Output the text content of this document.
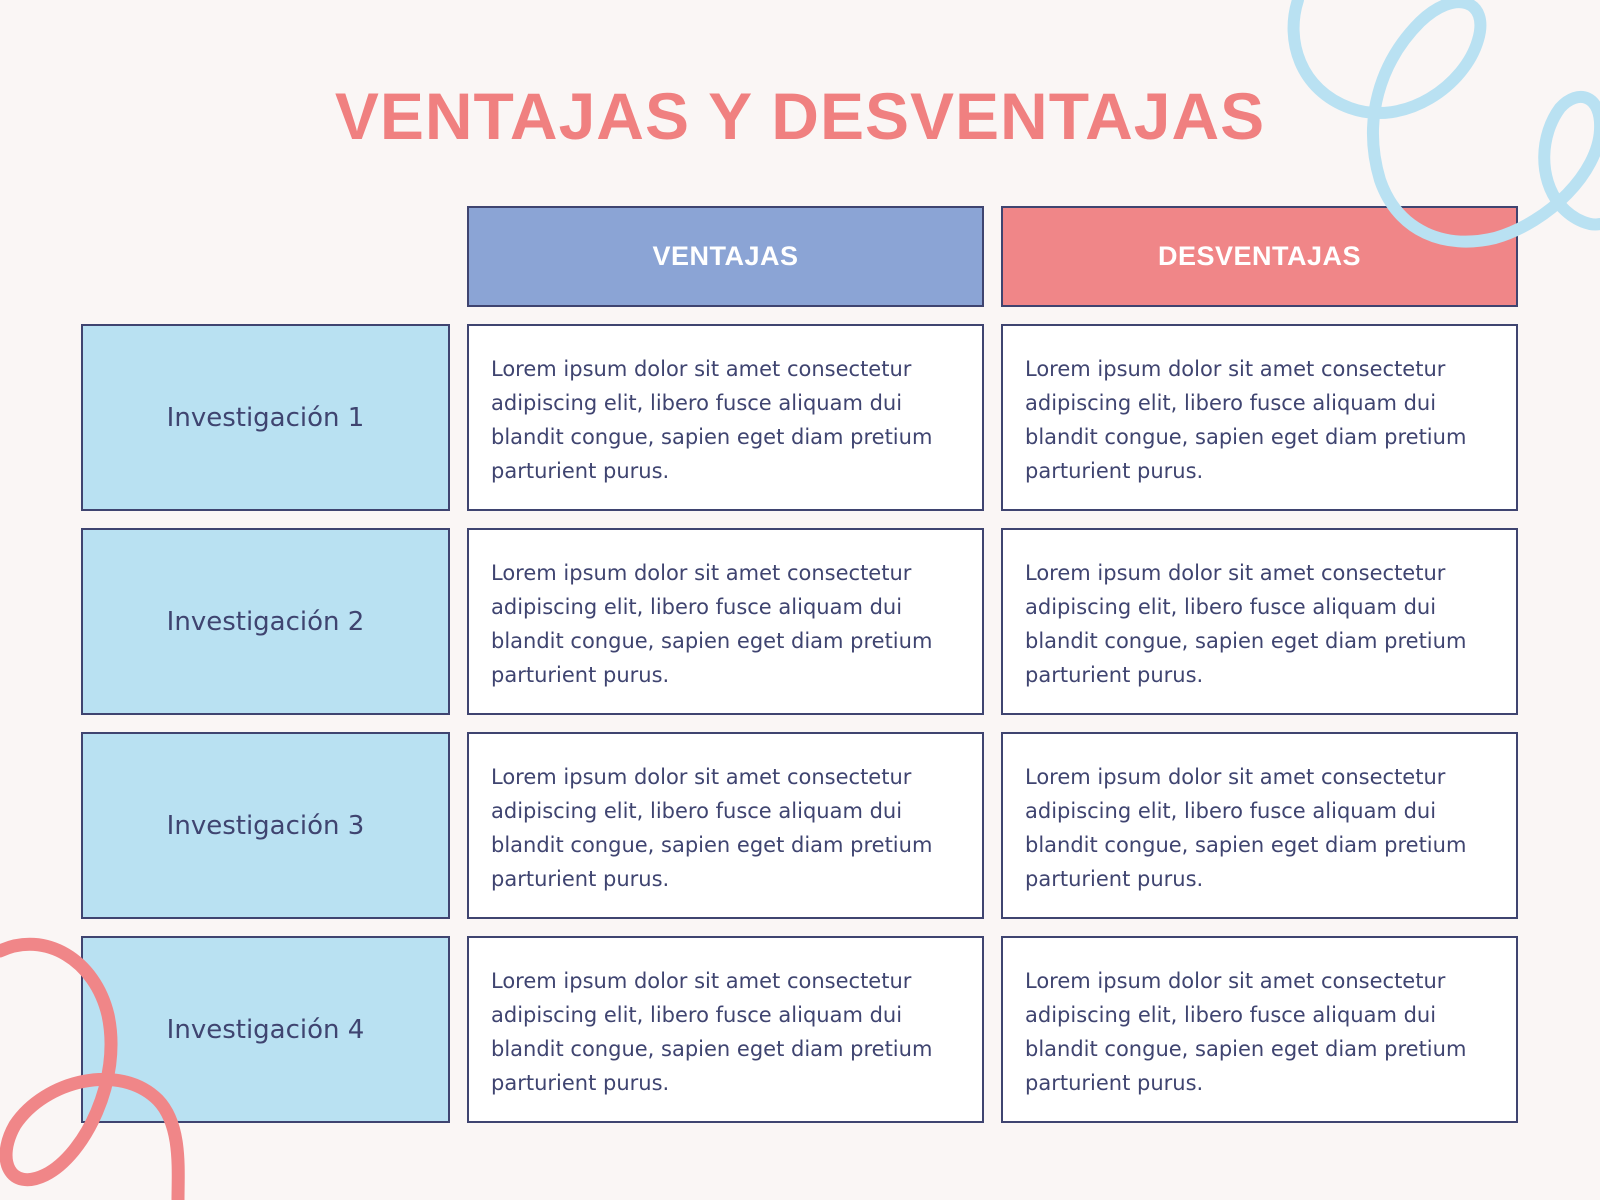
VENTAJAS Y DESVENTAJAS
VENTAJAS	DESVENTAJAS
Investigación 1
Lorem ipsum dolor sit amet consectetur adipiscing elit, libero fusce aliquam dui blandit congue, sapien eget diam pretium parturient purus.
Lorem ipsum dolor sit amet consectetur adipiscing elit, libero fusce aliquam dui blandit congue, sapien eget diam pretium parturient purus.
Investigación 2
Lorem ipsum dolor sit amet consectetur adipiscing elit, libero fusce aliquam dui blandit congue, sapien eget diam pretium parturient purus.
Lorem ipsum dolor sit amet consectetur adipiscing elit, libero fusce aliquam dui blandit congue, sapien eget diam pretium parturient purus.
Investigación 3
Lorem ipsum dolor sit amet consectetur adipiscing elit, libero fusce aliquam dui blandit congue, sapien eget diam pretium parturient purus.
Lorem ipsum dolor sit amet consectetur adipiscing elit, libero fusce aliquam dui blandit congue, sapien eget diam pretium parturient purus.
Investigación 4
Lorem ipsum dolor sit amet consectetur adipiscing elit, libero fusce aliquam dui blandit congue, sapien eget diam pretium parturient purus.
Lorem ipsum dolor sit amet consectetur adipiscing elit, libero fusce aliquam dui blandit congue, sapien eget diam pretium parturient purus.
